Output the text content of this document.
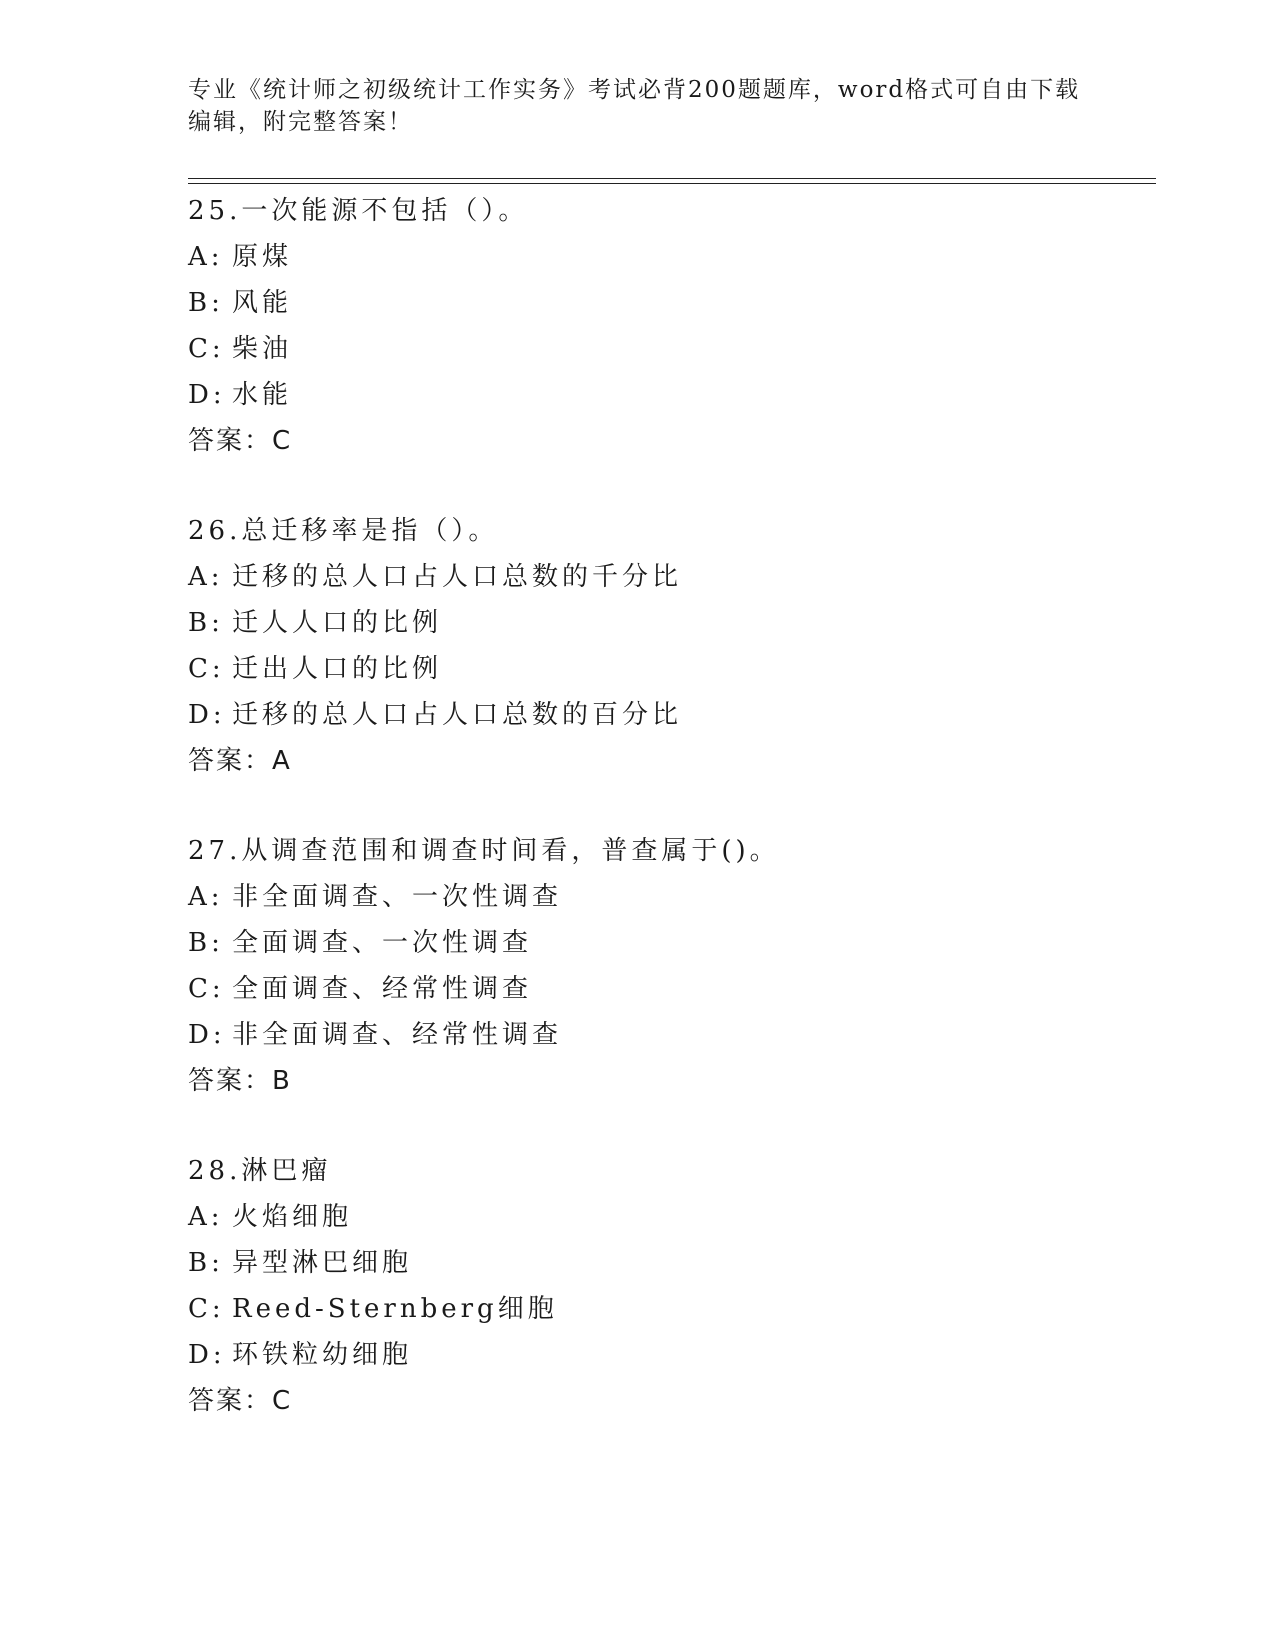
专业《统计师之初级统计工作实务》考试必背200题题库，word格式可自由下载
编辑，附完整答案！
25.一次能源不包括（）。
A: 原煤
B: 风能
C: 柴油
D: 水能
答案：C
26.总迁移率是指（）。
A: 迁移的总人口占人口总数的千分比
B: 迁人人口的比例
C: 迁出人口的比例
D: 迁移的总人口占人口总数的百分比
答案：A
27.从调查范围和调查时间看，普查属于()。
A: 非全面调查、一次性调查
B: 全面调查、一次性调查
C: 全面调查、经常性调查
D: 非全面调查、经常性调查
答案：B
28.淋巴瘤
A: 火焰细胞
B: 异型淋巴细胞
C: Reed-Sternberg细胞
D: 环铁粒幼细胞
答案：C
